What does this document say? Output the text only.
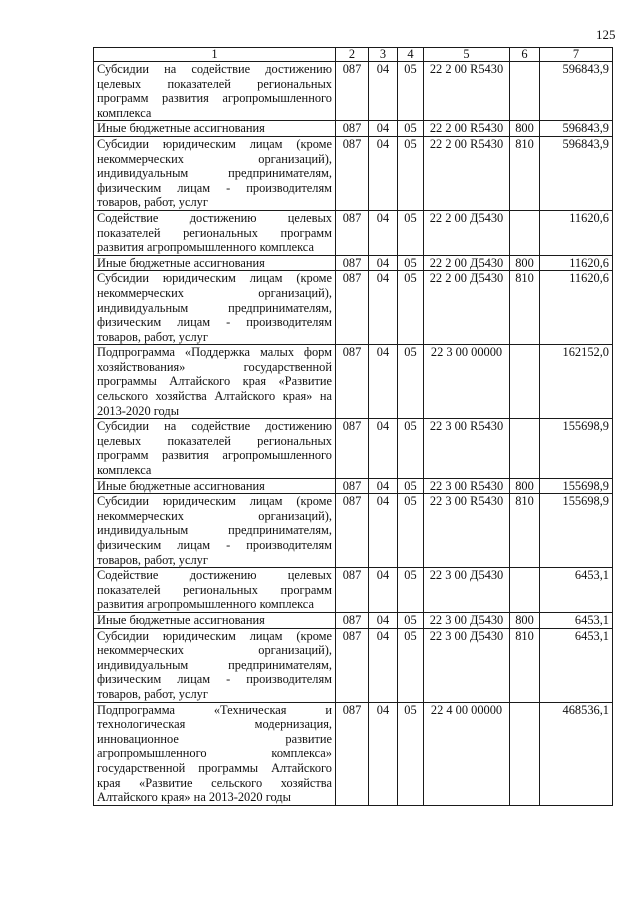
125
1	2	3	4	5	6	7
Субсидии на содействие достижению целевых показателей региональных программ развития агропромышленного комплекса	087	04	05	22 2 00 R5430		596843,9
Иные бюджетные ассигнования	087	04	05	22 2 00 R5430	800	596843,9
Субсидии юридическим лицам (кроме некоммерческих организаций), индивидуальным предпринимателям, физическим лицам - производителям товаров, работ, услуг	087	04	05	22 2 00 R5430	810	596843,9
Содействие достижению целевых показателей региональных программ развития агропромышленного комплекса	087	04	05	22 2 00 Д5430		11620,6
Иные бюджетные ассигнования	087	04	05	22 2 00 Д5430	800	11620,6
Субсидии юридическим лицам (кроме некоммерческих организаций), индивидуальным предпринимателям, физическим лицам - производителям товаров, работ, услуг	087	04	05	22 2 00 Д5430	810	11620,6
Подпрограмма «Поддержка малых форм хозяйствования» государственной программы Алтайского края «Развитие сельского хозяйства Алтайского края» на 2013-2020 годы	087	04	05	22 3 00 00000		162152,0
Субсидии на содействие достижению целевых показателей региональных программ развития агропромышленного комплекса	087	04	05	22 3 00 R5430		155698,9
Иные бюджетные ассигнования	087	04	05	22 3 00 R5430	800	155698,9
Субсидии юридическим лицам (кроме некоммерческих организаций), индивидуальным предпринимателям, физическим лицам - производителям товаров, работ, услуг	087	04	05	22 3 00 R5430	810	155698,9
Содействие достижению целевых показателей региональных программ развития агропромышленного комплекса	087	04	05	22 3 00 Д5430		6453,1
Иные бюджетные ассигнования	087	04	05	22 3 00 Д5430	800	6453,1
Субсидии юридическим лицам (кроме некоммерческих организаций), индивидуальным предпринимателям, физическим лицам - производителям товаров, работ, услуг	087	04	05	22 3 00 Д5430	810	6453,1
Подпрограмма «Техническая и технологическая модернизация, инновационное развитие агропромышленного комплекса» государственной программы Алтайского края «Развитие сельского хозяйства Алтайского края» на 2013-2020 годы	087	04	05	22 4 00 00000		468536,1
